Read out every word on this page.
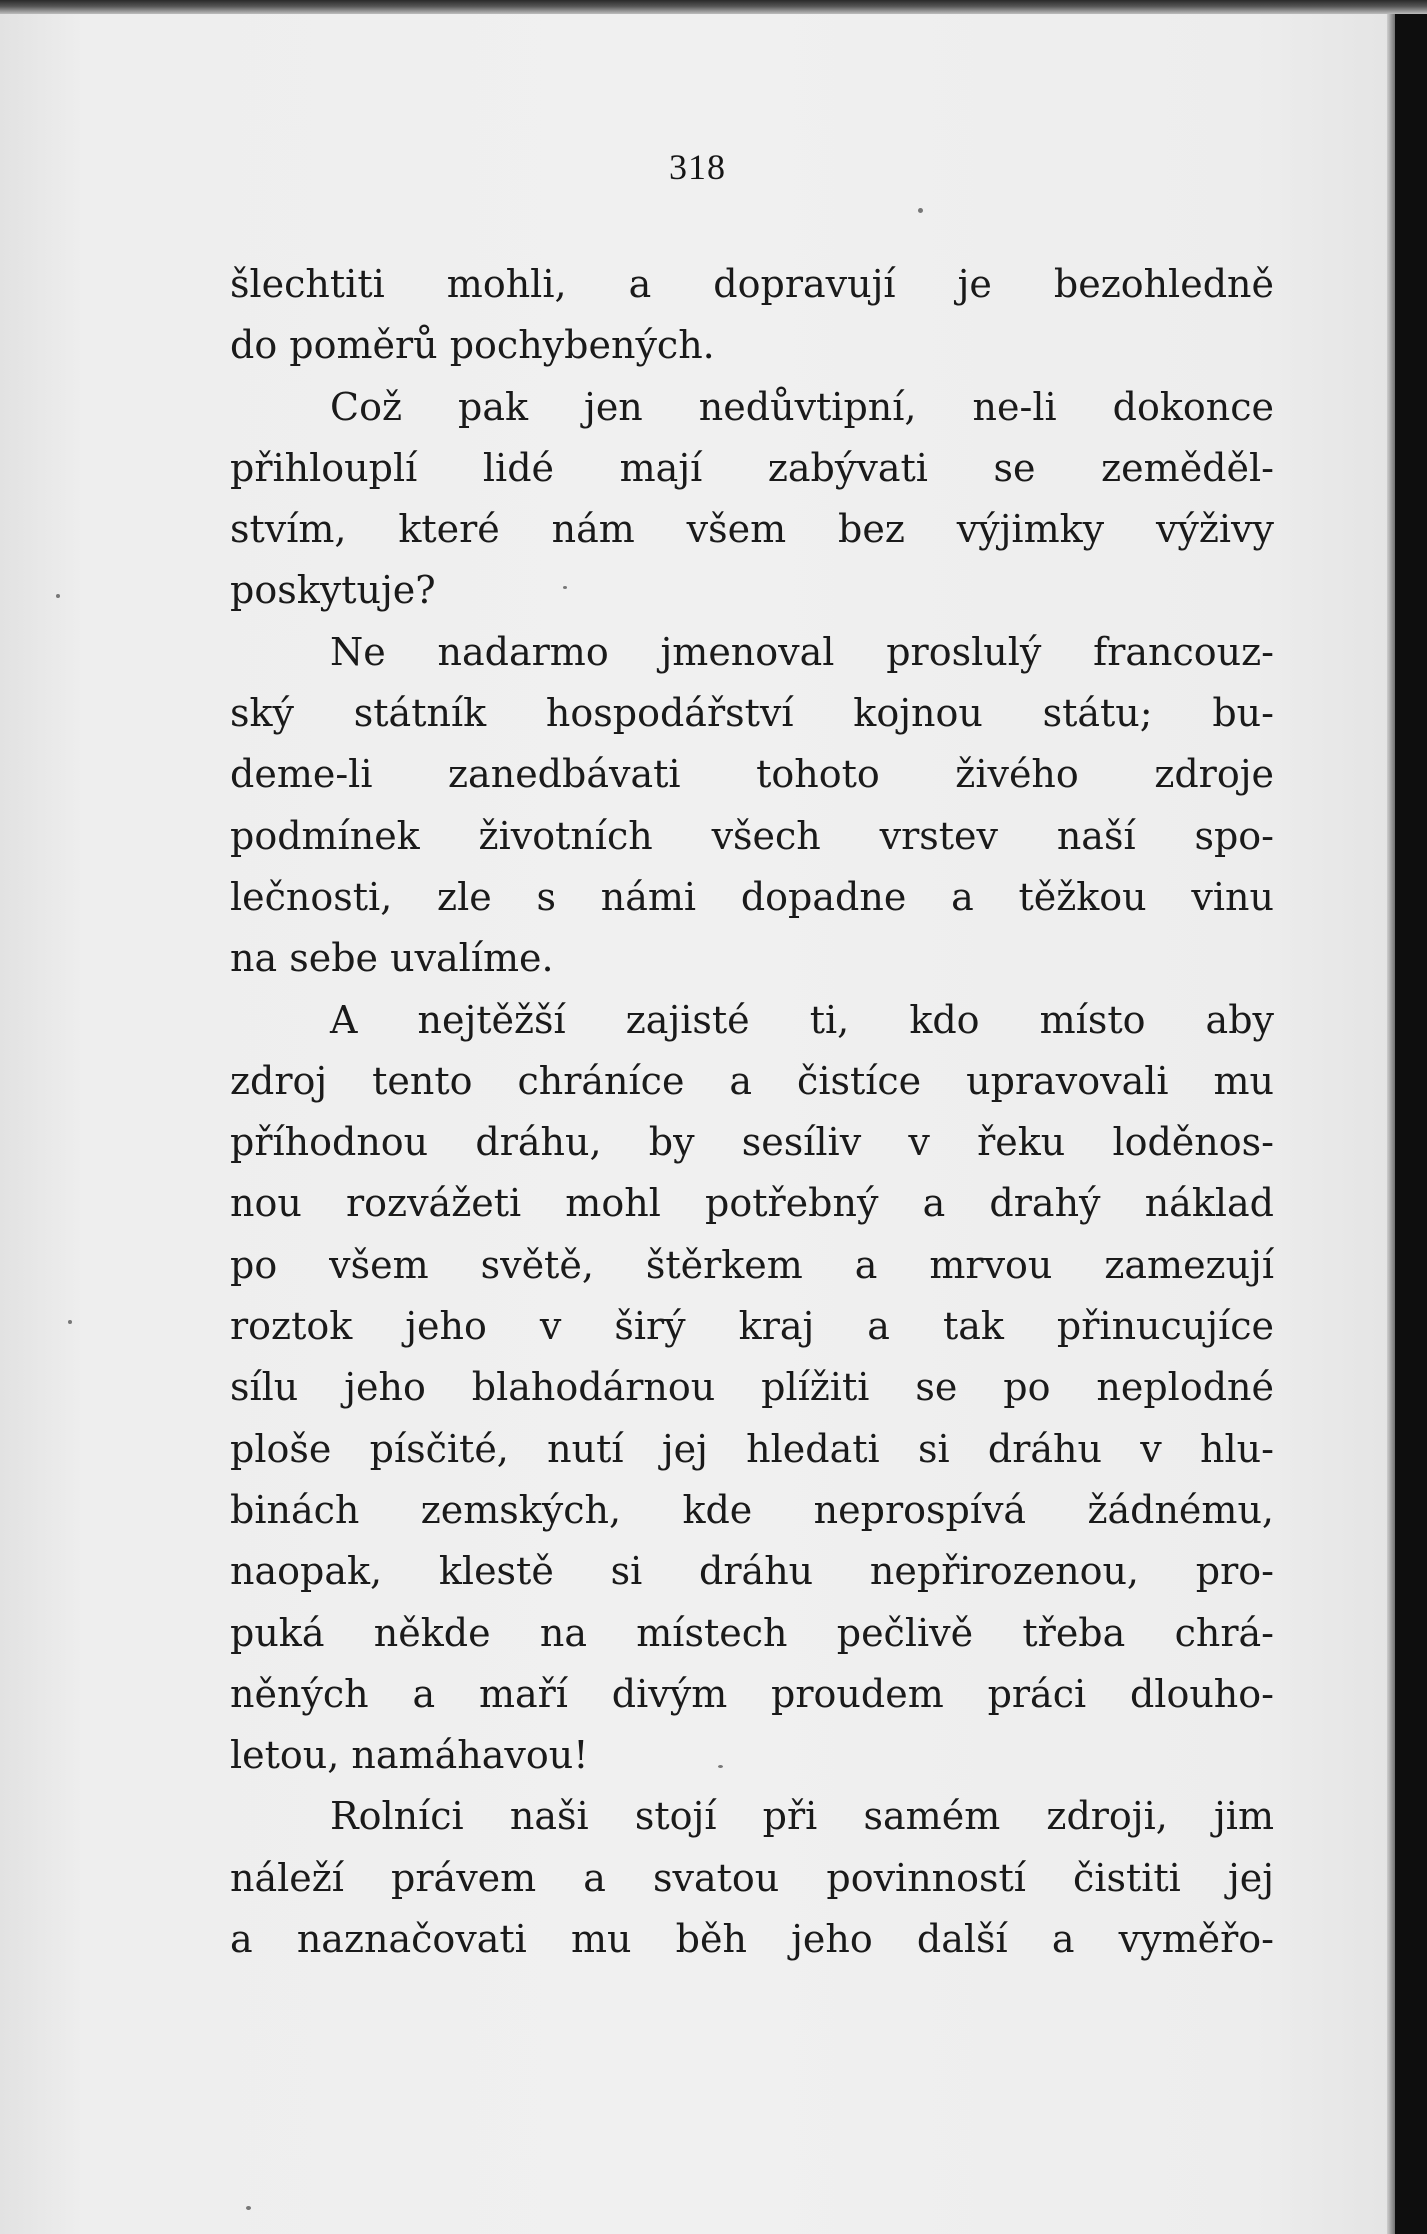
318
šlechtiti mohli, a dopravují je bezohledně
do poměrů pochybených.
Což pak jen nedůvtipní, ne-li dokonce
přihlouplí lidé mají zabývati se zeměděl-
stvím, které nám všem bez výjimky výživy
poskytuje?
Ne nadarmo jmenoval proslulý francouz-
ský státník hospodářství kojnou státu; bu-
deme-li zanedbávati tohoto živého zdroje
podmínek životních všech vrstev naší spo-
lečnosti, zle s námi dopadne a těžkou vinu
na sebe uvalíme.
A nejtěžší zajisté ti, kdo místo aby
zdroj tento chráníce a čistíce upravovali mu
příhodnou dráhu, by sesíliv v řeku loděnos-
nou rozvážeti mohl potřebný a drahý náklad
po všem světě, štěrkem a mrvou zamezují
roztok jeho v širý kraj a tak přinucujíce
sílu jeho blahodárnou plížiti se po neplodné
ploše písčité, nutí jej hledati si dráhu v hlu-
binách zemských, kde neprospívá žádnému,
naopak, klestě si dráhu nepřirozenou, pro-
puká někde na místech pečlivě třeba chrá-
něných a maří divým proudem práci dlouho-
letou, namáhavou!
Rolníci naši stojí při samém zdroji, jim
náleží právem a svatou povinností čistiti jej
a naznačovati mu běh jeho další a vyměřo-
